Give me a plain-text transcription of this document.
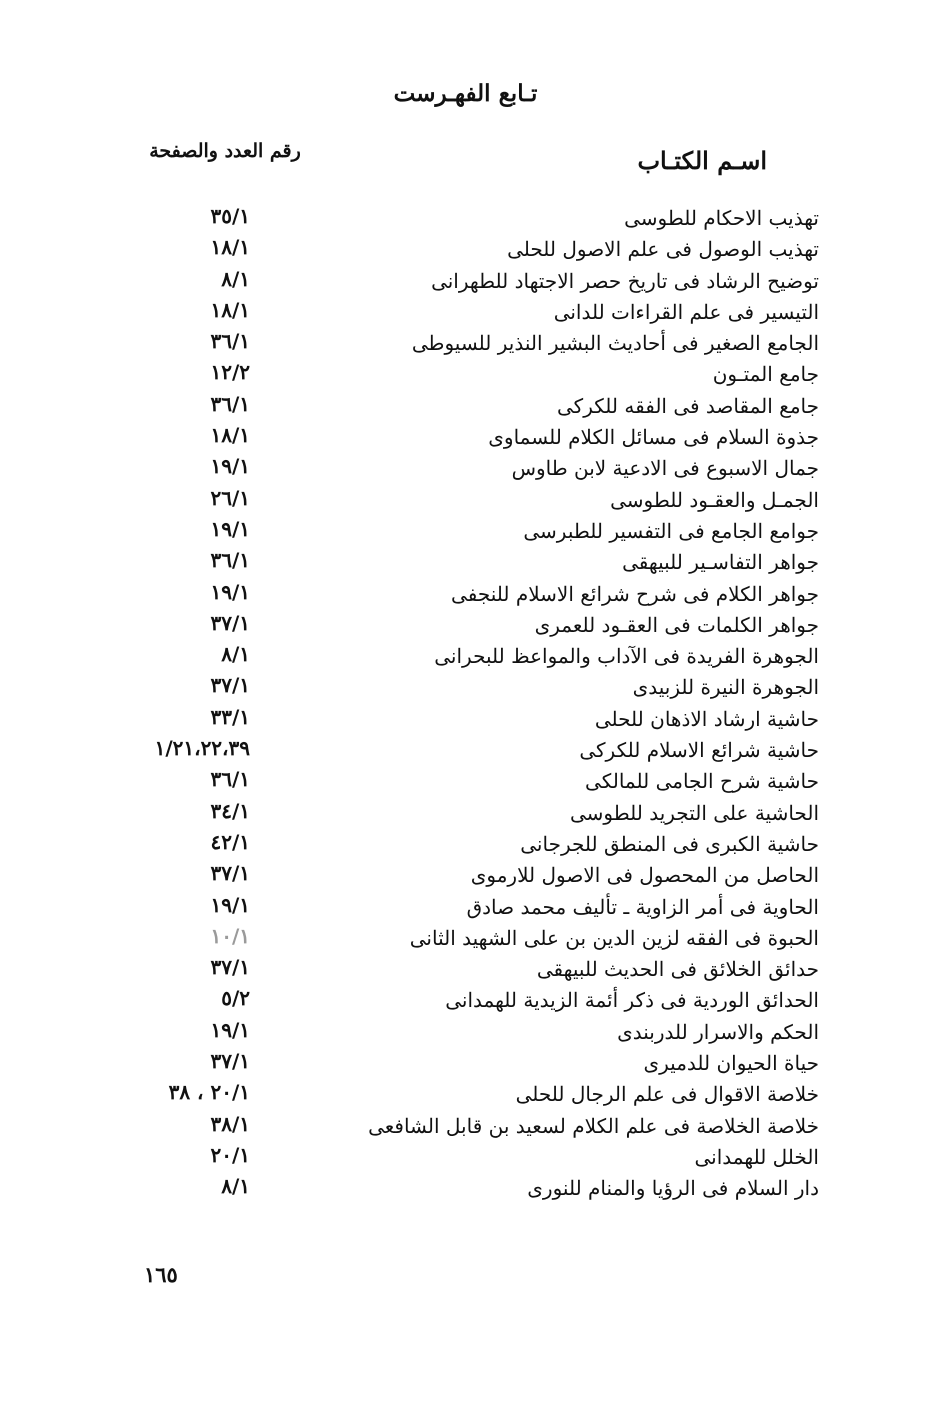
تـابع الفهـرست
اسـم الكتـاب
رقم العدد والصفحة
تهذيب الاحكام للطوسى
٣٥/١
تهذيب الوصول فى علم الاصول للحلى
١٨/١
توضيح الرشاد فى تاريخ حصر الاجتهاد للطهرانى
٨/١
التيسير فى علم القراءات للدانى
١٨/١
الجامع الصغير فى أحاديث البشير النذير للسيوطى
٣٦/١
جامع المتـون
١٢/٢
جامع المقاصد فى الفقه للكركى
٣٦/١
جذوة السلام فى مسائل الكلام للسماوى
١٨/١
جمال الاسبوع فى الادعية لابن طاوس
١٩/١
الجمـل والعقـود للطوسى
٢٦/١
جوامع الجامع فى التفسير للطبرسى
١٩/١
جواهر التفاسـير للبيهقى
٣٦/١
جواهر الكلام فى شرح شرائع الاسلام للنجفى
١٩/١
جواهر الكلمات فى العقـود للعمرى
٣٧/١
الجوهرة الفريدة فى الآداب والمواعظ للبحرانى
٨/١
الجوهرة النيرة للزبيدى
٣٧/١
حاشية ارشاد الاذهان للحلى
٣٣/١
حاشية شرائع الاسلام للكركى
١/٢١،٢٢،٣٩
حاشية شرح الجامى للمالكى
٣٦/١
الحاشية على التجريد للطوسى
٣٤/١
حاشية الكبرى فى المنطق للجرجانى
٤٢/١
الحاصل من المحصول فى الاصول للارموى
٣٧/١
الحاوية فى أمر الزاوية ـ تأليف محمد صادق
١٩/١
الحبوة فى الفقه لزين الدين بن على الشهيد الثانى
١٠/١
حدائق الخلائق فى الحديث للبيهقى
٣٧/١
الحدائق الوردية فى ذكر أئمة الزيدية للهمدانى
٥/٢
الحكم والاسرار للدربندى
١٩/١
حياة الحيوان للدميرى
٣٧/١
خلاصة الاقوال فى علم الرجال للحلى
٢٠/١ ، ٣٨
خلاصة الخلاصة فى علم الكلام لسعيد بن قابل الشافعى
٣٨/١
الخلل للهمدانى
٢٠/١
دار السلام فى الرؤيا والمنام للنورى
٨/١
١٦٥
